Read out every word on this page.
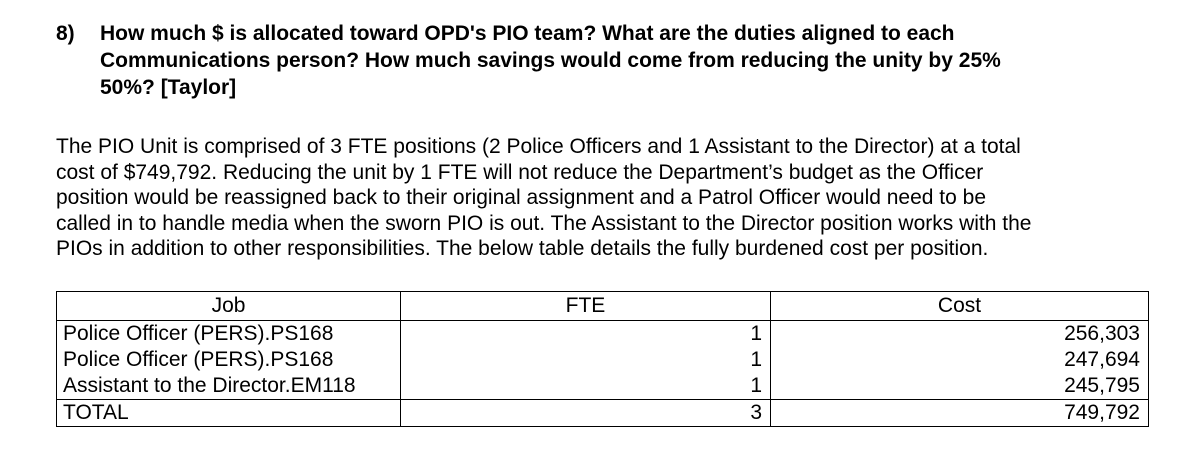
8)	How much $ is allocated toward OPD's PIO team? What are the duties aligned to each
Communications person? How much savings would come from reducing the unity by 25%
50%? [Taylor]
The PIO Unit is comprised of 3 FTE positions (2 Police Officers and 1 Assistant to the Director) at a total
cost of $749,792. Reducing the unit by 1 FTE will not reduce the Department’s budget as the Officer
position would be reassigned back to their original assignment and a Patrol Officer would need to be
called in to handle media when the sworn PIO is out. The Assistant to the Director position works with the
PIOs in addition to other responsibilities. The below table details the fully burdened cost per position.
Job	FTE	Cost
Police Officer (PERS).PS168	1	256,303
Police Officer (PERS).PS168	1	247,694
Assistant to the Director.EM118	1	245,795
TOTAL	3	749,792
